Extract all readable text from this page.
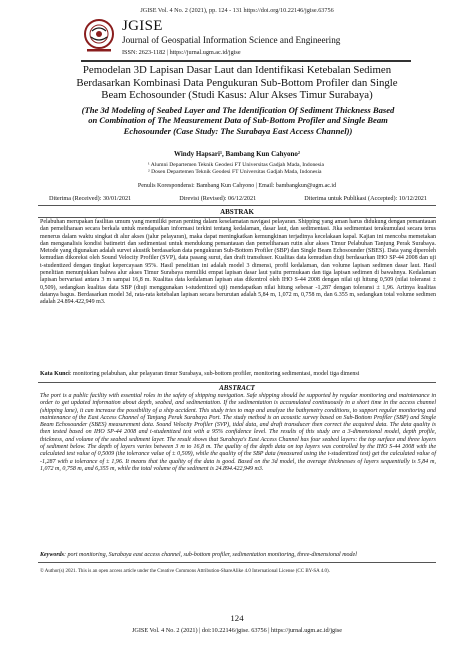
JGISE Vol. 4 No. 2 (2021), pp. 124 - 131 https://doi.org/10.22146/jgise.63756
JGISE
Journal of Geospatial Information Science and Engineering
ISSN: 2623-1182 | https://jurnal.ugm.ac.id/jgise
Pemodelan 3D Lapisan Dasar Laut dan Identifikasi Ketebalan Sedimen Berdasarkan Kombinasi Data Pengukuran Sub-Bottom Profiler dan Single Beam Echosounder (Studi Kasus: Alur Akses Timur Surabaya)
(The 3d Modeling of Seabed Layer and The Identification Of Sediment Thickness Based on Combination of The Measurement Data of Sub-Bottom Profiler and Single Beam Echosounder (Case Study: The Surabaya East Access Channel))
Windy Hapsari¹, Bambang Kun Cahyono²
¹ Alumni Departemen Teknik Geodesi FT Universitas Gadjah Mada, Indonesia
² Dosen Departemen Teknik Geodesi FT Universitas Gadjah Mada, Indonesia
Penulis Korespondensi: Bambang Kun Cahyono | Email: bambangkun@ugm.ac.id
Diterima (Received): 30/01/2021	Direvisi (Revised): 06/12/2021	Diterima untuk Publikasi (Accepted): 10/12/2021
ABSTRAK
Pelabuhan merupakan fasilitas umum yang memiliki peran penting dalam keselamatan navigasi pelayaran. Shipping yang aman harus didukung dengan pemantauan dan pemeliharaan secara berkala untuk mendapatkan informasi terkini tentang kedalaman, dasar laut, dan sedimentasi. Jika sedimentasi terakumulasi secara terus menerus dalam waktu singkat di alur akses (jalur pelayaran), maka dapat meningkatkan kemungkinan terjadinya kecelakaan kapal. Kajian ini mencoba memetakan dan menganalisis kondisi batimetri dan sedimentasi untuk mendukung pemantauan dan pemeliharaan rutin alur akses Timur Pelabuhan Tanjung Perak Surabaya. Metode yang digunakan adalah survei akustik berdasarkan data pengukuran Sub-Bottom Profiler (SBP) dan Single Beam Echosounder (SBES). Data yang diperoleh kemudian dikoreksi oleh Sound Velocity Profiler (SVP), data pasang surut, dan draft transduser. Kualitas data kemudian diuji berdasarkan IHO SP-44 2008 dan uji t-studentized dengan tingkat kepercayaan 95%. Hasil penelitian ini adalah model 3 dimensi, profil kedalaman, dan volume lapisan sedimen dasar laut. Hasil penelitian menunjukkan bahwa alur akses Timur Surabaya memiliki empat lapisan dasar laut yaitu permukaan dan tiga lapisan sedimen di bawahnya. Kedalaman lapisan bervariasi antara 3 m sampai 16,8 m. Kualitas data kedalaman lapisan atas dikontrol oleh IHO S-44 2008 dengan nilai uji hitung 0,509 (nilai toleransi ± 0,509), sedangkan kualitas data SBP (diuji menggunakan t-studentized uji) mendapatkan nilai hitung sebesar -1,287 dengan toleransi ± 1,96. Artinya kualitas datanya bagus. Berdasarkan model 3d, rata-rata ketebalan lapisan secara berurutan adalah 5,84 m, 1,072 m, 0,758 m, dan 6.355 m, sedangkan total volume sedimen adalah 24.894.422,949 m3.
Kata Kunci: monitoring pelabuhan, alur pelayaran timur Surabaya, sub-bottom profiler, monitoring sedimentasi, model tiga dimensi
ABSTRACT
The port is a public facility with essential roles in the safety of shipping navigation. Safe shipping should be supported by regular monitoring and maintenance in order to get updated information about depth, seabed, and sedimentation. If the sedimentation is accumulated continuously in a short time in the access channel (shipping lane), it can increase the possibility of a ship accident. This study tries to map and analyze the bathymetry conditions, to support regular monitoring and maintenance of the East Access Channel of Tanjung Perak Surabaya Port. The study method is an acoustic survey based on Sub-Bottom Profiler (SBP) and Single Beam Echosounder (SBES) measurement data. Sound Velocity Profiler (SVP), tidal data, and draft transducer then correct the acquired data. The data quality is then tested based on IHO SP-44 2008 and t-studentized test with a 95% confidence level. The results of this study are a 3-dimensional model, depth profile, thickness, and volume of the seabed sediment layer. The result shows that Surabaya's East Access Channel has four seabed layers: the top surface and three layers of sediment below. The depth of layers varies between 3 m to 16,8 m. The quality of the depth data on top layers was controlled by the IHO S-44 2008 with the calculated test value of 0,5009 (the tolerance value of ± 0,509), while the quality of the SBP data (measured using the t-studentized test) get the calculated value of -1,287 with a tolerance of ± 1,96. It means that the quality of the data is good. Based on the 3d model, the average thicknesses of layers sequentially is 5,84 m, 1,072 m, 0,758 m, and 6,355 m, while the total volume of the sediment is 24.894.422,949 m3.
Keywords: port monitoring, Surabaya east access channel, sub-bottom profiler, sedimentation monitoring, three-dimensional model
© Author(s) 2021. This is an open access article under the Creative Commons Attribution-ShareAlike 4.0 International License (CC BY-SA 4.0).
124
JGISE Vol. 4 No. 2 (2021) | doi:10.22146/jgise. 63756 | https://jurnal.ugm.ac.id/jgise
